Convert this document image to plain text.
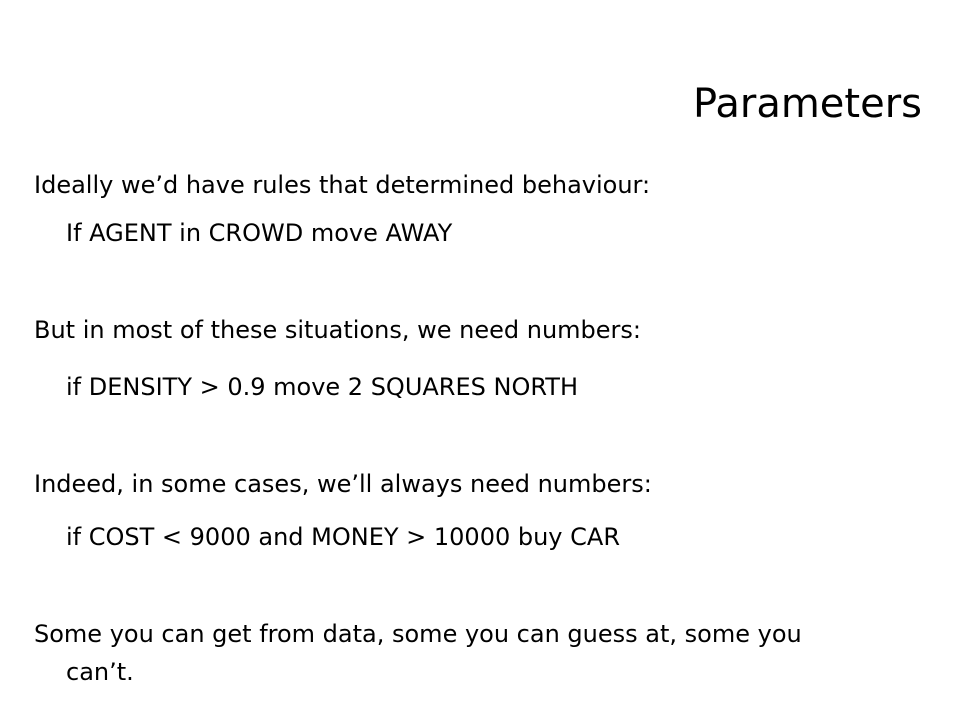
Parameters

Ideally we’d have rules that determined behaviour:

If AGENT in CROWD move AWAY

But in most of these situations, we need numbers:

if DENSITY > 0.9 move 2 SQUARES NORTH

Indeed, in some cases, we’ll always need numbers:

if COST < 9000 and MONEY > 10000 buy CAR

Some you can get from data, some you can guess at, some you

can’t.
